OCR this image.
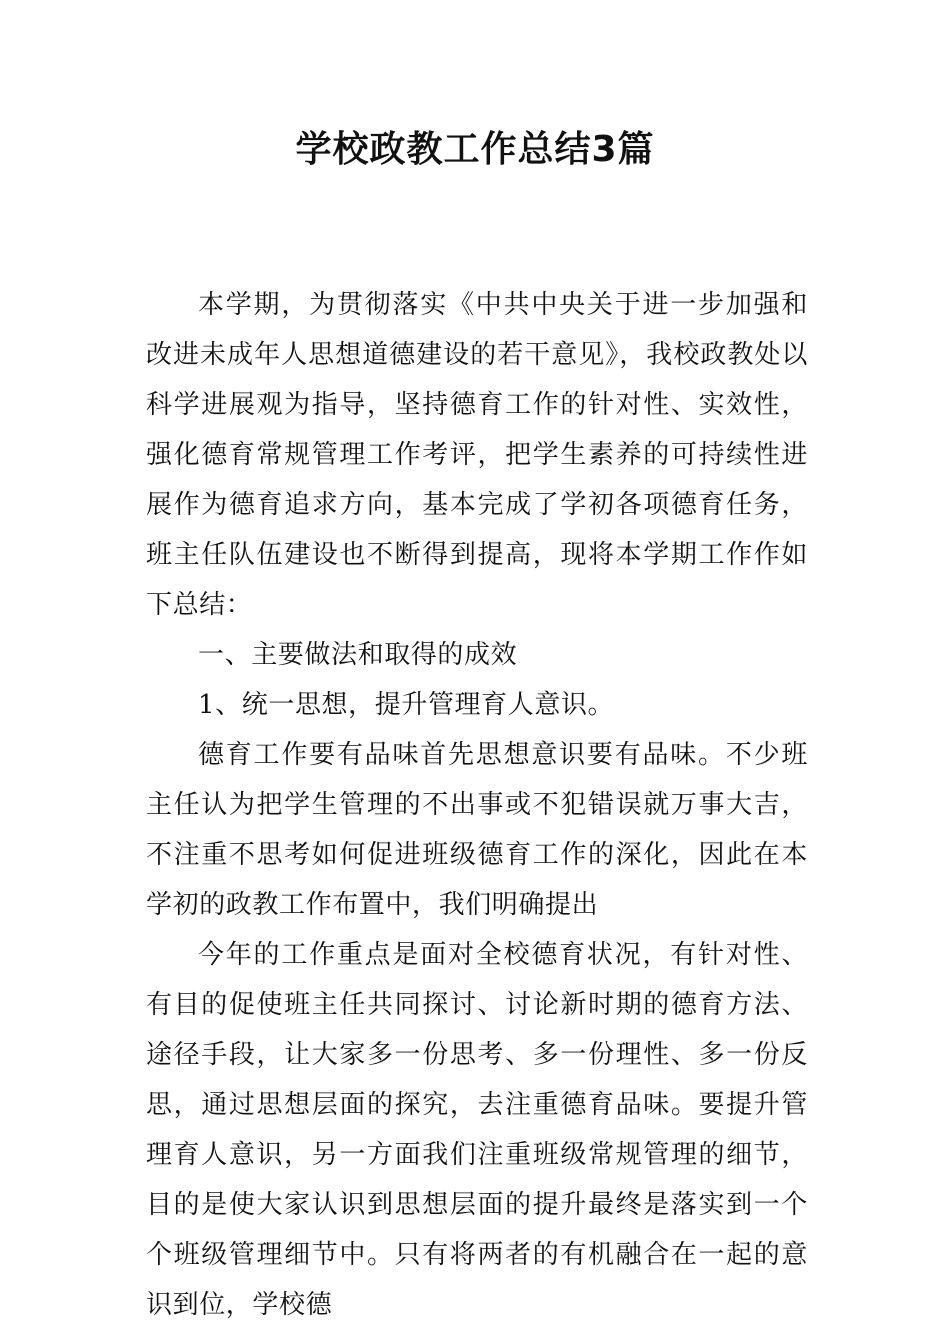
学校政教工作总结3篇

本学期，为贯彻落实《中共中央关于进一步加强和改进未成年人思想道德建设的若干意见》，我校政教处以科学进展观为指导，坚持德育工作的针对性、实效性，强化德育常规管理工作考评，把学生素养的可持续性进展作为德育追求方向，基本完成了学初各项德育任务，班主任队伍建设也不断得到提高，现将本学期工作作如下总结：

一、主要做法和取得的成效

1、统一思想，提升管理育人意识。

德育工作要有品味首先思想意识要有品味。不少班主任认为把学生管理的不出事或不犯错误就万事大吉，不注重不思考如何促进班级德育工作的深化，因此在本学初的政教工作布置中，我们明确提出

今年的工作重点是面对全校德育状况，有针对性、有目的促使班主任共同探讨、讨论新时期的德育方法、途径手段，让大家多一份思考、多一份理性、多一份反思，通过思想层面的探究，去注重德育品味。要提升管理育人意识，另一方面我们注重班级常规管理的细节，目的是使大家认识到思想层面的提升最终是落实到一个个班级管理细节中。只有将两者的有机融合在一起的意识到位，学校德
